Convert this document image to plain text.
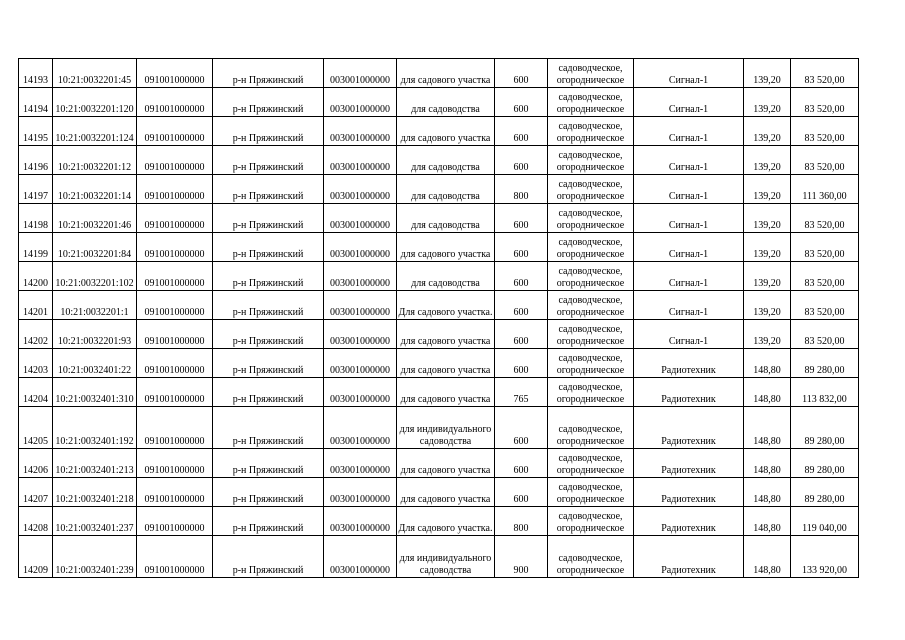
14193	10:21:0032201:45	091001000000	р-н Пряжинский	003001000000	для садового участка	600	садоводческое, огородническое	Сигнал-1	139,20	83 520,00
14194	10:21:0032201:120	091001000000	р-н Пряжинский	003001000000	для садоводства	600	садоводческое, огородническое	Сигнал-1	139,20	83 520,00
14195	10:21:0032201:124	091001000000	р-н Пряжинский	003001000000	для садового участка	600	садоводческое, огородническое	Сигнал-1	139,20	83 520,00
14196	10:21:0032201:12	091001000000	р-н Пряжинский	003001000000	для садоводства	600	садоводческое, огородническое	Сигнал-1	139,20	83 520,00
14197	10:21:0032201:14	091001000000	р-н Пряжинский	003001000000	для садоводства	800	садоводческое, огородническое	Сигнал-1	139,20	111 360,00
14198	10:21:0032201:46	091001000000	р-н Пряжинский	003001000000	для садоводства	600	садоводческое, огородническое	Сигнал-1	139,20	83 520,00
14199	10:21:0032201:84	091001000000	р-н Пряжинский	003001000000	для садового участка	600	садоводческое, огородническое	Сигнал-1	139,20	83 520,00
14200	10:21:0032201:102	091001000000	р-н Пряжинский	003001000000	для садоводства	600	садоводческое, огородническое	Сигнал-1	139,20	83 520,00
14201	10:21:0032201:1	091001000000	р-н Пряжинский	003001000000	Для садового участка.	600	садоводческое, огородническое	Сигнал-1	139,20	83 520,00
14202	10:21:0032201:93	091001000000	р-н Пряжинский	003001000000	для садового участка	600	садоводческое, огородническое	Сигнал-1	139,20	83 520,00
14203	10:21:0032401:22	091001000000	р-н Пряжинский	003001000000	для садового участка	600	садоводческое, огородническое	Радиотехник	148,80	89 280,00
14204	10:21:0032401:310	091001000000	р-н Пряжинский	003001000000	для садового участка	765	садоводческое, огородническое	Радиотехник	148,80	113 832,00
14205	10:21:0032401:192	091001000000	р-н Пряжинский	003001000000	для индивидуального садоводства	600	садоводческое, огородническое	Радиотехник	148,80	89 280,00
14206	10:21:0032401:213	091001000000	р-н Пряжинский	003001000000	для садового участка	600	садоводческое, огородническое	Радиотехник	148,80	89 280,00
14207	10:21:0032401:218	091001000000	р-н Пряжинский	003001000000	для садового участка	600	садоводческое, огородническое	Радиотехник	148,80	89 280,00
14208	10:21:0032401:237	091001000000	р-н Пряжинский	003001000000	Для садового участка.	800	садоводческое, огородническое	Радиотехник	148,80	119 040,00
14209	10:21:0032401:239	091001000000	р-н Пряжинский	003001000000	для индивидуального садоводства	900	садоводческое, огородническое	Радиотехник	148,80	133 920,00
